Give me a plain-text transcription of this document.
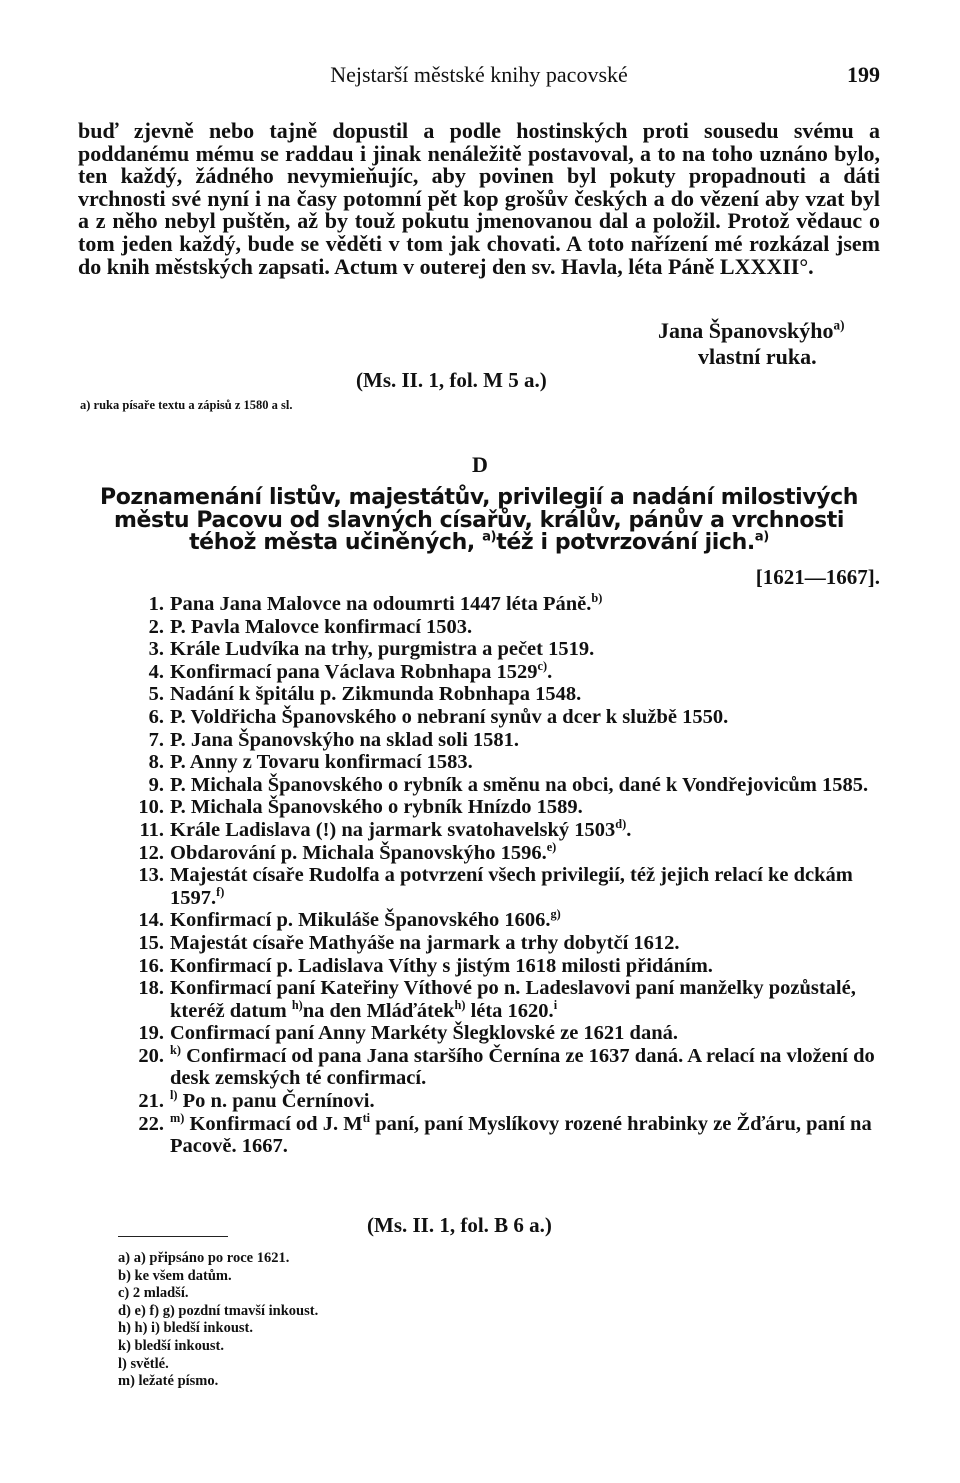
Nejstarší městské knihy pacovské	199

buď zjevně nebo tajně dopustil a podle hostinských proti sousedu svému a poddanému mému se raddau i jinak nenáležitě postavoval, a to na toho uznáno bylo, ten každý, žádného nevymieňujíc, aby povinen byl pokuty propadnouti a dáti vrchnosti své nyní i na časy potomní pět kop grošův českých a do vězení aby vzat byl a z něho nebyl puštěn, až by touž pokutu jmenovanou dal a položil. Protož vědauc o tom jeden každý, bude se věděti v tom jak chovati. A toto nařízení mé rozkázal jsem do knih městských zapsati. Actum v outerej den sv. Havla, léta Páně LXXXII°.

Jana Španovskýho$^{a)}$
vlastní ruka.
(Ms. II. 1, fol. M 5 a.)
a) ruka písaře textu a zápisů z 1580 a sl.
D
Poznamenání listův, majestátův, privilegií a nadání milostivých městu Pacovu od slavných císařův, králův, pánův a vrchnosti téhož města učiněných, $^{a)}$též i potvrzování jich.$^{a)}$
[1621—1667].
1. Pana Jana Malovce na odoumrti 1447 léta Páně.$^{b)}$
2. P. Pavla Malovce konfirmací 1503.
3. Krále Ludvíka na trhy, purgmistra a pečet 1519.
4. Konfirmací pana Václava Robnhapa 1529$^{c)}$.
5. Nadání k špitálu p. Zikmunda Robnhapa 1548.
6. P. Voldřicha Španovského o nebraní synův a dcer k službě 1550.
7. P. Jana Španovskýho na sklad soli 1581.
8. P. Anny z Tovaru konfirmací 1583.
9. P. Michala Španovského o rybník a směnu na obci, dané k Vondřejovicům 1585.
10. P. Michala Španovského o rybník Hnízdo 1589.
11. Krále Ladislava (!) na jarmark svatohavelský 1503$^{d)}$.
12. Obdarování p. Michala Španovskýho 1596.$^{e)}$
13. Majestát císaře Rudolfa a potvrzení všech privilegií, též jejich relací ke dckám 1597.$^{f)}$
14. Konfirmací p. Mikuláše Španovského 1606.$^{g)}$
15. Majestát císaře Mathyáše na jarmark a trhy dobytčí 1612.
16. Konfirmací p. Ladislava Víthy s jistým 1618 milosti přidáním.
18. Konfirmací paní Kateřiny Víthové po n. Ladeslavovi paní manželky pozůstalé, kteréž datum $^{h)}$na den Mláďátek$^{h)}$ léta 1620.$^i$
19. Confirmací paní Anny Markéty Šlegklovské ze 1621 daná.
20. $^{k)}$ Confirmací od pana Jana staršího Černína ze 1637 daná. A relací na vložení do desk zemských té confirmací.
21. $^{l)}$ Po n. panu Černínovi.
22. $^{m)}$ Konfirmací od J. $M^{ti}$ paní, paní Myslíkovy rozené hrabinky ze Žďáru, paní na Pacově. 1667.
(Ms. II. 1, fol. B 6 a.)
a) a) připsáno po roce 1621.
b) ke všem datům.
c) 2 mladší.
d) e) f) g) pozdní tmavší inkoust.
h) h) i) bledší inkoust.
k) bledší inkoust.
l) světlé.
m) ležaté písmo.
